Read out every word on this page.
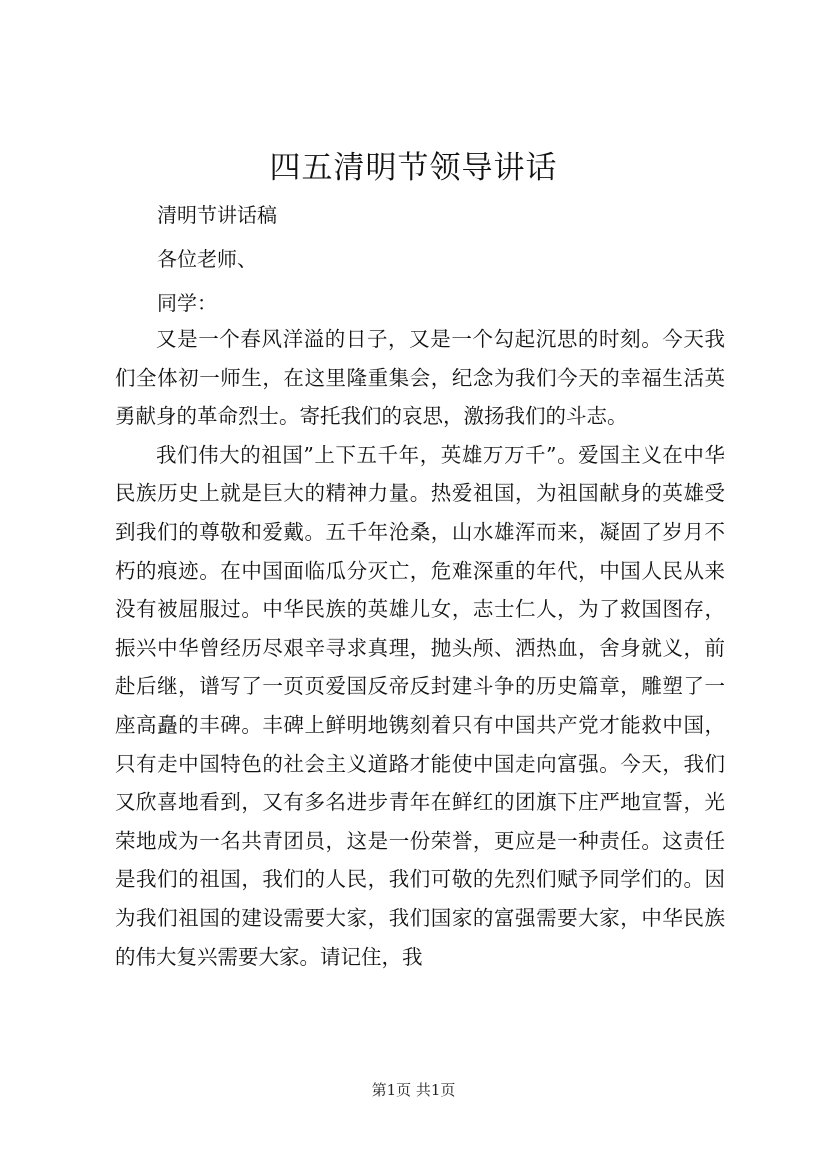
四五清明节领导讲话
清明节讲话稿
各位老师、
同学：

又是一个春风洋溢的日子，又是一个勾起沉思的时刻。今天我们全体初一师生，在这里隆重集会，纪念为我们今天的幸福生活英勇献身的革命烈士。寄托我们的哀思，激扬我们的斗志。

我们伟大的祖国”上下五千年，英雄万万千”。爱国主义在中华民族历史上就是巨大的精神力量。热爱祖国，为祖国献身的英雄受到我们的尊敬和爱戴。五千年沧桑，山水雄浑而来，凝固了岁月不朽的痕迹。在中国面临瓜分灭亡，危难深重的年代，中国人民从来没有被屈服过。中华民族的英雄儿女，志士仁人，为了救国图存，振兴中华曾经历尽艰辛寻求真理，抛头颅、洒热血，舍身就义，前赴后继，谱写了一页页爱国反帝反封建斗争的历史篇章，雕塑了一座高矗的丰碑。丰碑上鲜明地镌刻着只有中国共产党才能救中国，只有走中国特色的社会主义道路才能使中国走向富强。今天，我们又欣喜地看到，又有多名进步青年在鲜红的团旗下庄严地宣誓，光荣地成为一名共青团员，这是一份荣誉，更应是一种责任。这责任是我们的祖国，我们的人民，我们可敬的先烈们赋予同学们的。因为我们祖国的建设需要大家，我们国家的富强需要大家，中华民族的伟大复兴需要大家。请记住，我

第1页 共1页
